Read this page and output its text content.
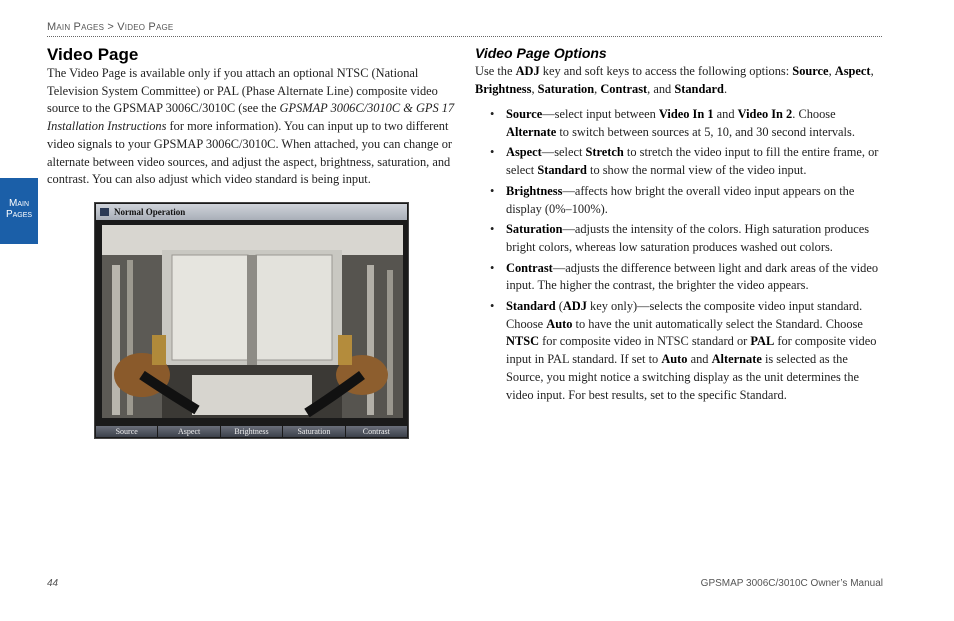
Main Pages > Video Page
Main
Pages
Video Page

The Video Page is available only if you attach an optional NTSC (National Television System Committee) or PAL (Phase Alternate Line) composite video source to the GPSMAP 3006C/3010C (see the GPSMAP 3006C/3010C & GPS 17 Installation Instructions for more information). You can input up to two different video signals to your GPSMAP 3006C/3010C. When attached, you can change or alternate between video sources, and adjust the aspect, brightness, saturation, and contrast. You can also adjust which video standard is being input.

Normal Operation
Source	Aspect	Brightness	Saturation	Contrast
Video Page Options

Use the ADJ key and soft keys to access the following options: Source, Aspect, Brightness, Saturation, Contrast, and Standard.

• Source—select input between Video In 1 and Video In 2. Choose Alternate to switch between sources at 5, 10, and 30 second intervals.
• Aspect—select Stretch to stretch the video input to fill the entire frame, or select Standard to show the normal view of the video input.
• Brightness—affects how bright the overall video input appears on the display (0%–100%).
• Saturation—adjusts the intensity of the colors. High saturation produces bright colors, whereas low saturation produces washed out colors.
• Contrast—adjusts the difference between light and dark areas of the video input. The higher the contrast, the brighter the video appears.
• Standard (ADJ key only)—selects the composite video input standard. Choose Auto to have the unit automatically select the Standard. Choose NTSC for composite video in NTSC standard or PAL for composite video input in PAL standard. If set to Auto and Alternate is selected as the Source, you might notice a switching display as the unit determines the video input. For best results, set to the specific Standard.
44	GPSMAP 3006C/3010C Owner’s Manual
